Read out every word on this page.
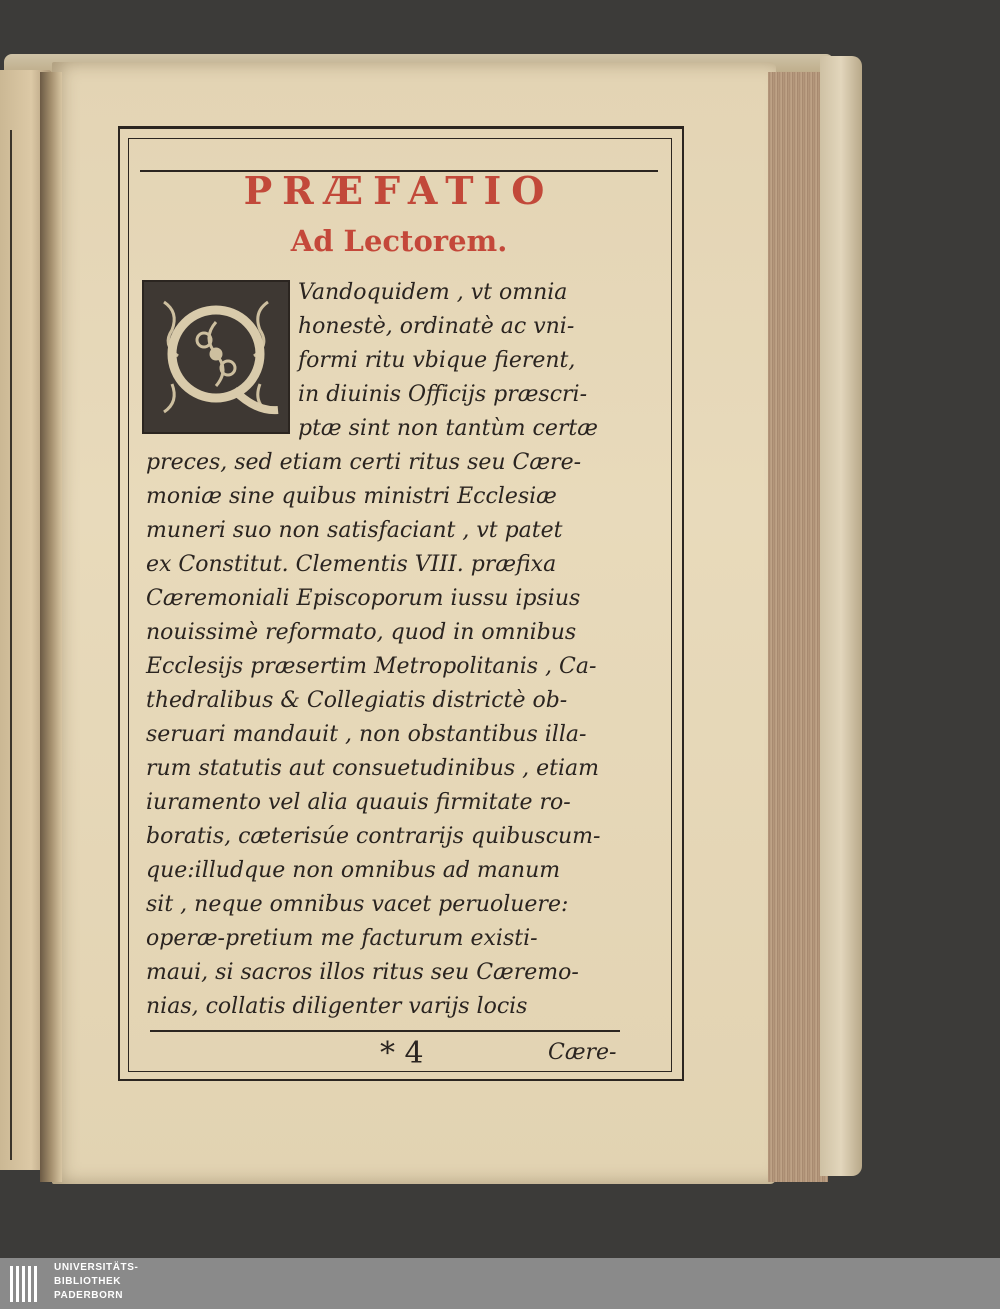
PRÆFATIO
Ad Lectorem.

Vandoquidem , vt omnia

honestè, ordinatè ac vni-

formi ritu vbique fierent,

in diuinis Officijs præscri-

ptæ sint non tantùm certæ

preces, sed etiam certi ritus seu Cære-

moniæ sine quibus ministri Ecclesiæ

muneri suo non satisfaciant , vt patet

ex Constitut. Clementis VIII. præfixa

Cæremoniali Episcoporum iussu ipsius

nouissimè reformato, quod in omnibus

Ecclesijs præsertim Metropolitanis , Ca-

thedralibus & Collegiatis districtè ob-

seruari mandauit , non obstantibus illa-

rum statutis aut consuetudinibus , etiam

iuramento vel alia quauis firmitate ro-

boratis, cæterisúe contrarijs quibuscum-

que:illudque non omnibus ad manum

sit , neque omnibus vacet peruoluere:

operæ-pretium me facturum existi-

maui, si sacros illos ritus seu Cæremo-

nias, collatis diligenter varijs locis

* 4	Cære-

UNIVERSITÄTS-

BIBLIOTHEK

PADERBORN
